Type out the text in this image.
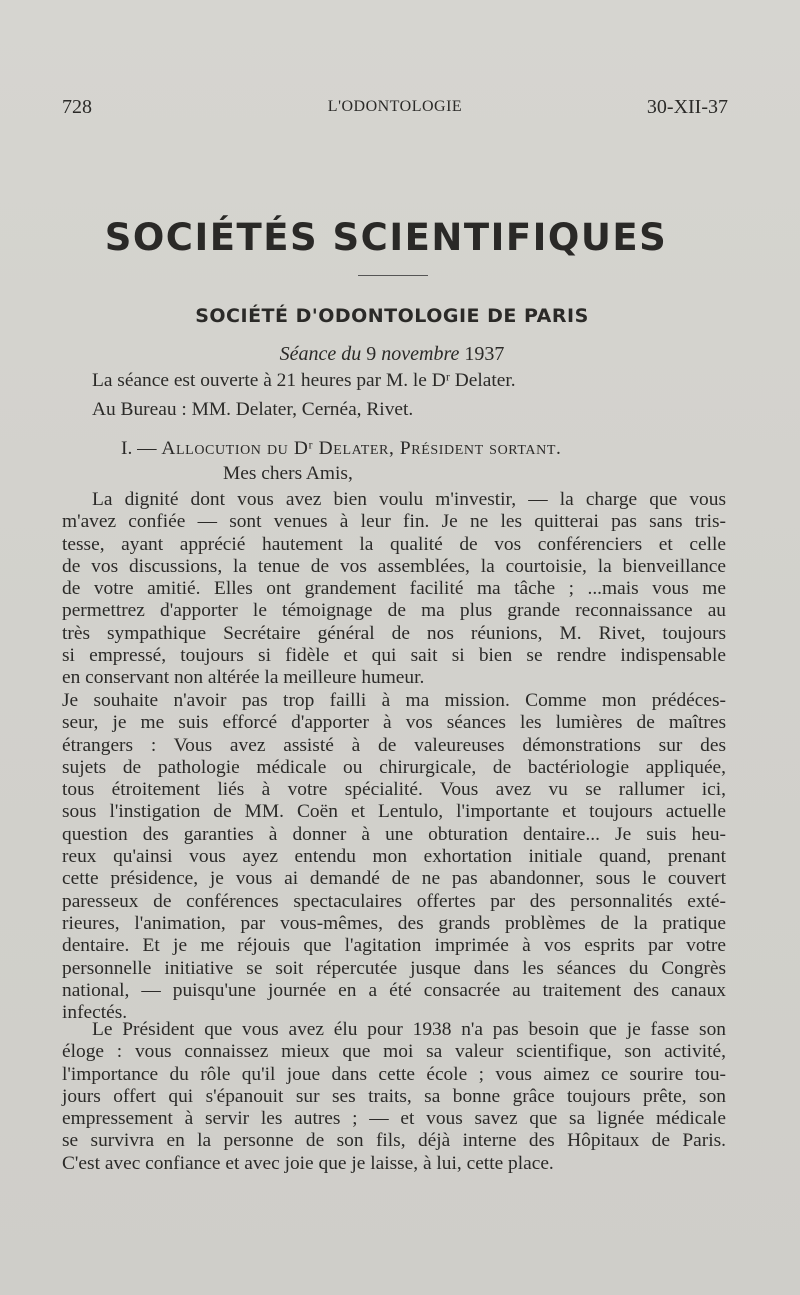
728	L'ODONTOLOGIE	30-XII-37
SOCIÉTÉS SCIENTIFIQUES
SOCIÉTÉ D'ODONTOLOGIE DE PARIS
Séance du 9 novembre 1937
La séance est ouverte à 21 heures par M. le Dʳ Delater.
Au Bureau : MM. Delater, Cernéa, Rivet.
I. — Allocution du Dʳ Delater, Président sortant.
Mes chers Amis,
La dignité dont vous avez bien voulu m'investir, — la charge que vous
m'avez confiée — sont venues à leur fin. Je ne les quitterai pas sans tris-
tesse, ayant apprécié hautement la qualité de vos conférenciers et celle
de vos discussions, la tenue de vos assemblées, la courtoisie, la bienveillance
de votre amitié. Elles ont grandement facilité ma tâche ; ...mais vous me
permettrez d'apporter le témoignage de ma plus grande reconnaissance au
très sympathique Secrétaire général de nos réunions, M. Rivet, toujours
si empressé, toujours si fidèle et qui sait si bien se rendre indispensable
en conservant non altérée la meilleure humeur.
Je souhaite n'avoir pas trop failli à ma mission. Comme mon prédéces-
seur, je me suis efforcé d'apporter à vos séances les lumières de maîtres
étrangers : Vous avez assisté à de valeureuses démonstrations sur des
sujets de pathologie médicale ou chirurgicale, de bactériologie appliquée,
tous étroitement liés à votre spécialité. Vous avez vu se rallumer ici,
sous l'instigation de MM. Coën et Lentulo, l'importante et toujours actuelle
question des garanties à donner à une obturation dentaire... Je suis heu-
reux qu'ainsi vous ayez entendu mon exhortation initiale quand, prenant
cette présidence, je vous ai demandé de ne pas abandonner, sous le couvert
paresseux de conférences spectaculaires offertes par des personnalités exté-
rieures, l'animation, par vous-mêmes, des grands problèmes de la pratique
dentaire. Et je me réjouis que l'agitation imprimée à vos esprits par votre
personnelle initiative se soit répercutée jusque dans les séances du Congrès
national, — puisqu'une journée en a été consacrée au traitement des canaux
infectés.
Le Président que vous avez élu pour 1938 n'a pas besoin que je fasse son
éloge : vous connaissez mieux que moi sa valeur scientifique, son activité,
l'importance du rôle qu'il joue dans cette école ; vous aimez ce sourire tou-
jours offert qui s'épanouit sur ses traits, sa bonne grâce toujours prête, son
empressement à servir les autres ; — et vous savez que sa lignée médicale
se survivra en la personne de son fils, déjà interne des Hôpitaux de Paris.
C'est avec confiance et avec joie que je laisse, à lui, cette place.
